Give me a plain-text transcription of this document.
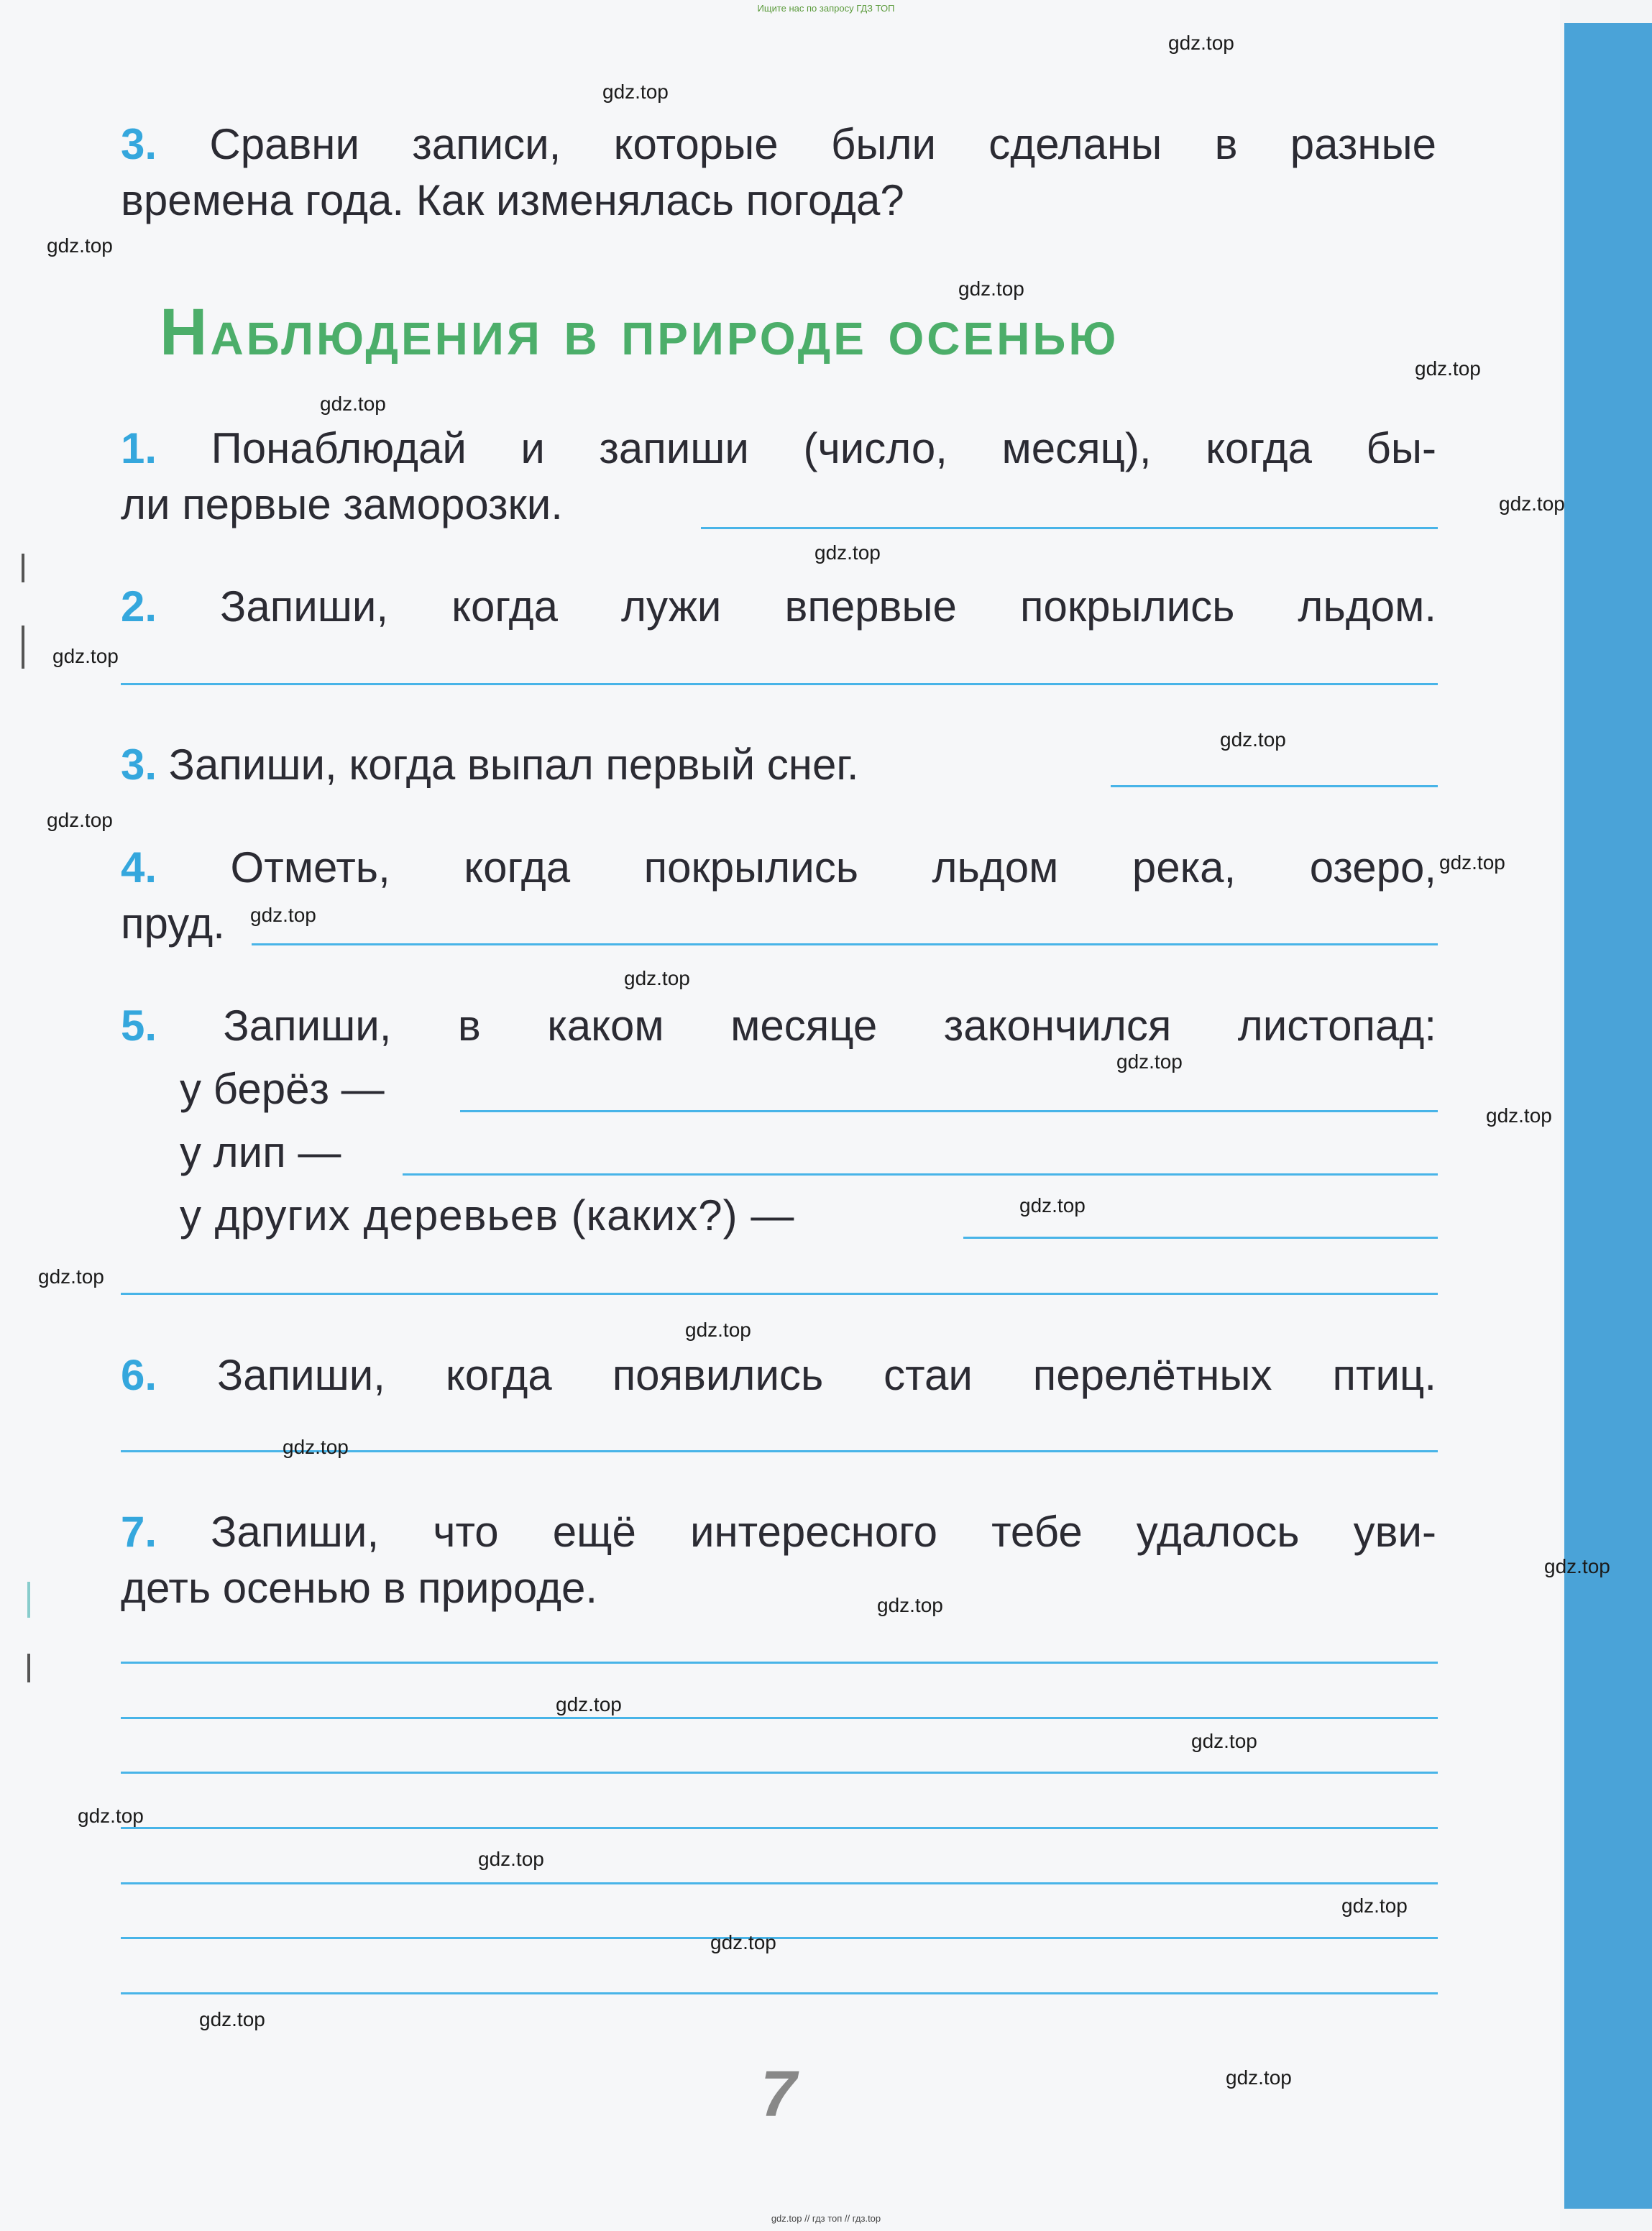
Ищите нас по запросу ГДЗ ТОП
3. Сравни записи, которые были сделаны в разные
времена года. Как изменялась погода?
Наблюдения в природе осенью
1. Понаблюдай и запиши (число, месяц), когда бы-
ли первые заморозки.
2. Запиши, когда лужи впервые покрылись льдом.
3. Запиши, когда выпал первый снег.
4. Отметь, когда покрылись льдом река, озеро,
пруд.
5. Запиши, в каком месяце закончился листопад:
у берёз —
у лип —
у других деревьев (каких?) —
6. Запиши, когда появились стаи перелётных птиц.
7. Запиши, что ещё интересного тебе удалось уви-
деть осенью в природе.
7
gdz.top
gdz.top
gdz.top
gdz.top
gdz.top
gdz.top
gdz.top
gdz.top
gdz.top
gdz.top
gdz.top
gdz.top
gdz.top
gdz.top
gdz.top
gdz.top
gdz.top
gdz.top
gdz.top
gdz.top
gdz.top
gdz.top
gdz.top
gdz.top
gdz.top
gdz.top
gdz.top
gdz.top
gdz.top
gdz.top
gdz.top // гдз топ // гдз.top
